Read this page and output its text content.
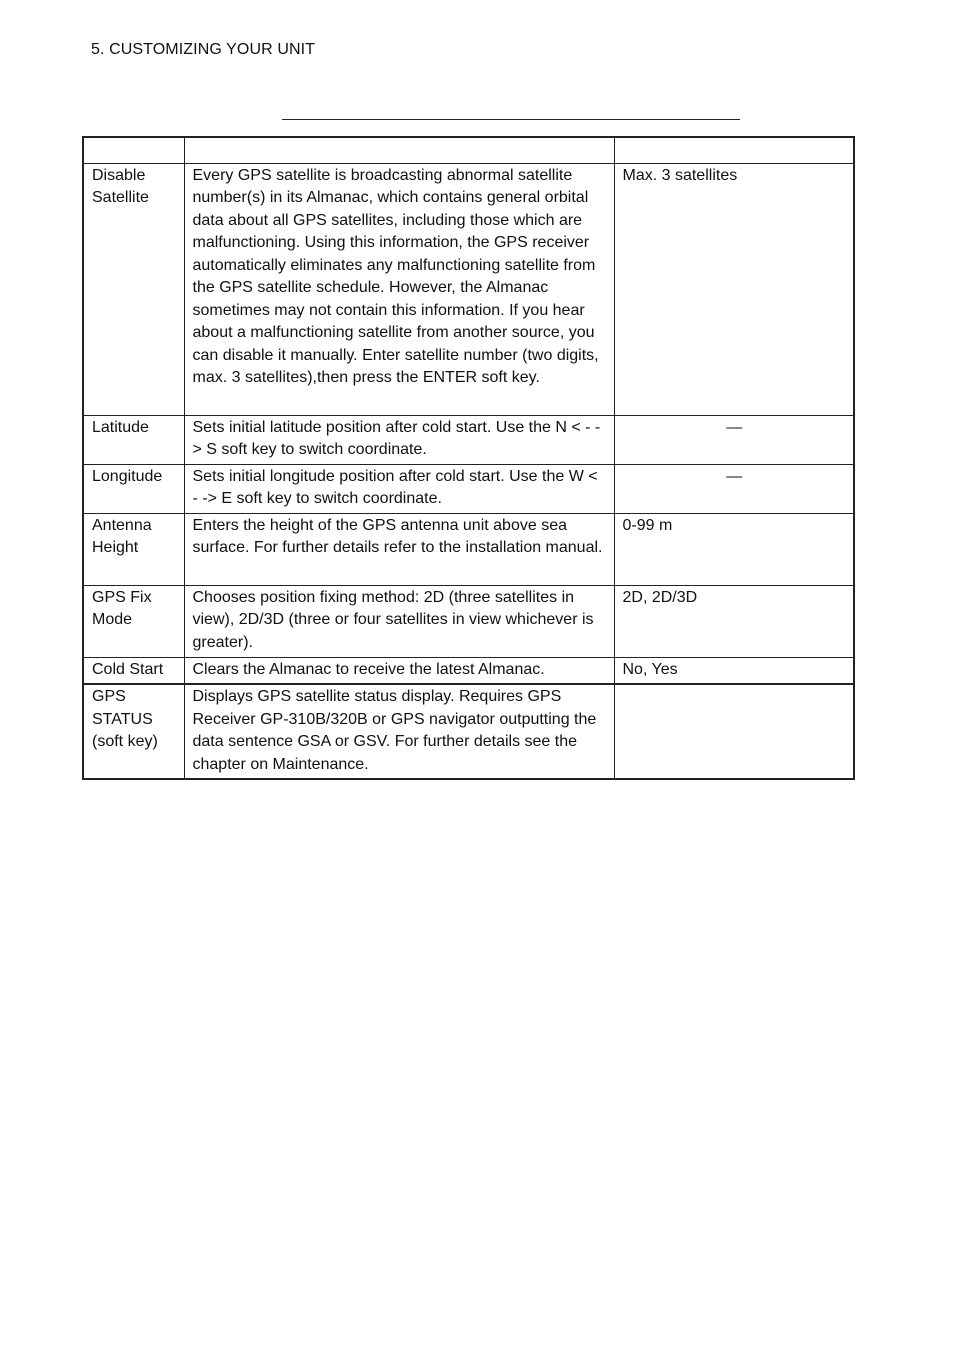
5. CUSTOMIZING YOUR UNIT

Disable Satellite	Every GPS satellite is broadcasting abnormal satellite number(s) in its Almanac, which contains general orbital data about all GPS satellites, including those which are malfunctioning. Using this information, the GPS receiver automatically eliminates any malfunctioning satellite from the GPS satellite schedule. However, the Almanac sometimes may not contain this information. If you hear about a malfunctioning satellite from another source, you can disable it manually. Enter satellite number (two digits, max. 3 satellites),then press the ENTER soft key.	Max. 3 satellites
Latitude	Sets initial latitude position after cold start. Use the N < - -> S soft key to switch coordinate.	—
Longitude	Sets initial longitude position after cold start. Use the W < - -> E soft key to switch coordinate.	—
Antenna Height	Enters the height of the GPS antenna unit above sea surface. For further details refer to the installation manual.	0-99 m
GPS Fix Mode	Chooses position fixing method: 2D (three satellites in view), 2D/3D (three or four satellites in view whichever is greater).	2D, 2D/3D
Cold Start	Clears the Almanac to receive the latest Almanac.	No, Yes
GPS STATUS (soft key)	Displays GPS satellite status display. Requires GPS Receiver GP-310B/320B or GPS navigator outputting the data sentence GSA or GSV. For further details see the chapter on Maintenance.	
